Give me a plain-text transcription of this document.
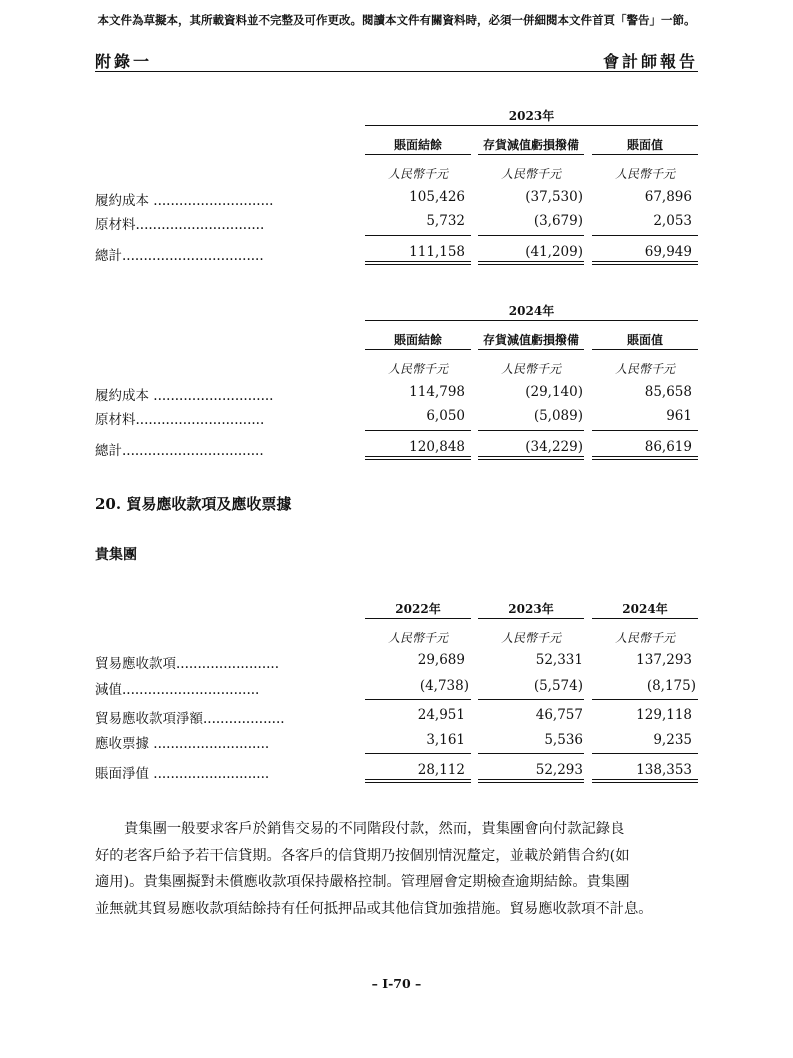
本文件為草擬本，其所載資料並不完整及可作更改。閱讀本文件有關資料時，必須一併細閱本文件首頁「警告」一節。
附錄一	會計師報告
2023年
賬面結餘	存貨減值虧損撥備	賬面值
人民幣千元	人民幣千元	人民幣千元
履約成本 ............................	105,426	(37,530)	67,896
原材料..............................	5,732	(3,679)	2,053
總計.................................	111,158	(41,209)	69,949
2024年
賬面結餘	存貨減值虧損撥備	賬面值
人民幣千元	人民幣千元	人民幣千元
履約成本 ............................	114,798	(29,140)	85,658
原材料..............................	6,050	(5,089)	961
總計.................................	120,848	(34,229)	86,619
20. 貿易應收款項及應收票據
貴集團
2022年	2023年	2024年
人民幣千元	人民幣千元	人民幣千元
貿易應收款項........................	29,689	52,331	137,293
減值................................	(4,738)	(5,574)	(8,175)
貿易應收款項淨額...................	24,951	46,757	129,118
應收票據 ...........................	3,161	5,536	9,235
賬面淨值 ...........................	28,112	52,293	138,353
貴集團一般要求客戶於銷售交易的不同階段付款，然而，貴集團會向付款記錄良
好的老客戶給予若干信貸期。各客戶的信貸期乃按個別情況釐定，並載於銷售合約(如
適用)。貴集團擬對未償應收款項保持嚴格控制。管理層會定期檢查逾期結餘。貴集團
並無就其貿易應收款項結餘持有任何抵押品或其他信貸加強措施。貿易應收款項不計息。
– I-70 –
